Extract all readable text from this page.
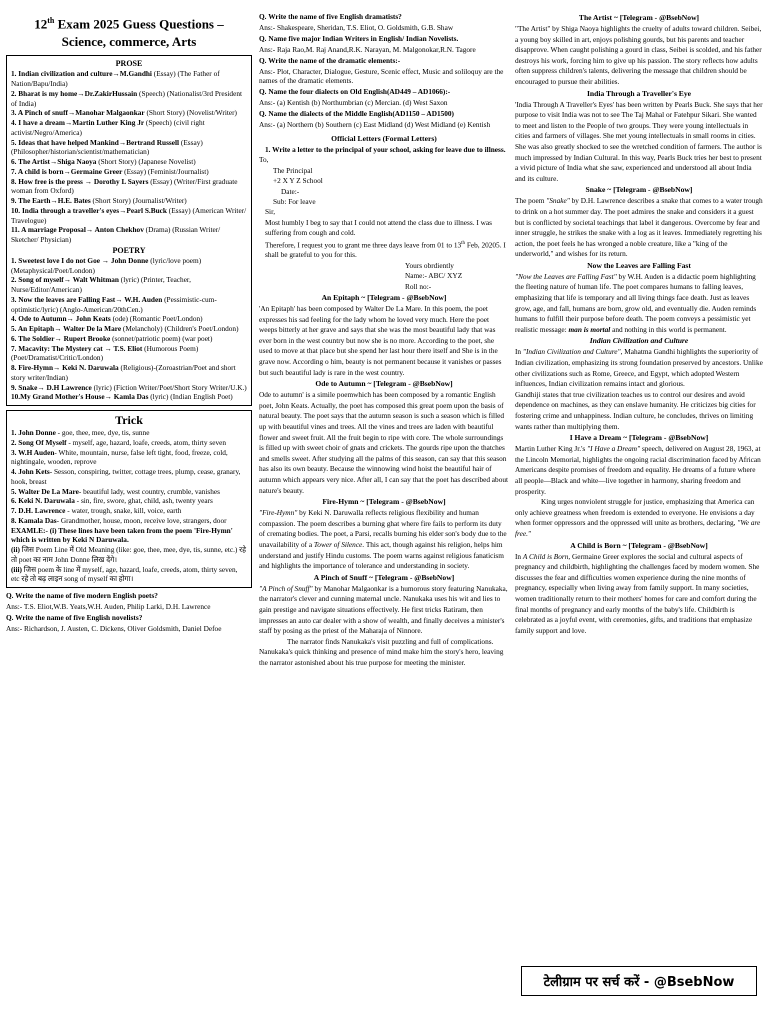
12th Exam 2025 Guess Questions –
Science, commerce, Arts
PROSE

1. Indian civilization and culture→M.Gandhi (Essay) (The Father of Nation/Bapu/India)

2. Bharat is my home→Dr.ZakirHussain (Speech) (Nationalist/3rd President of India)

3. A Pinch of snuff→Manohar Malgaonkar (Short Story) (Novelist/Writer)

4. I have a dream→Martin Luther King Jr (Speech) (civil right activist/Negro/America)

5. Ideas that have helped Mankind→Bertrand Russell (Essay) (Philosopher/historian/scientist/mathematician)

6. The Artist→Shiga Naoya (Short Story) (Japanese Novelist)

7. A child is born→Germaine Greer (Essay) (Feminist/Journalist)

8. How free is the press → Dorothy L Sayers (Essay) (Writer/First graduate woman from Oxford)

9. The Earth→H.E. Bates (Short Story) (Journalist/Writer)

10. India through a traveller's eyes→Pearl S.Buck (Essay) (American Writer/ Travelogue)

11. A marriage Proposal→ Anton Chekhov (Drama) (Russian Writer/ Sketcher/ Physician)

POETRY

1. Sweetest love I do not Goe → John Donne (lyric/love poem) (Metaphysical/Poet/London)

2. Song of myself→ Walt Whitman (lyric) (Printer, Teacher, Nurse/Editor/American)

3. Now the leaves are Falling Fast→ W.H. Auden (Pessimistic-cum-optimistic/lyric) (Anglo-American/20thCen.)

4. Ode to Autumn→ John Keats (ode) (Romantic Poet/London)

5. An Epitaph→ Walter De la Mare (Melancholy) (Children's Poet/London)

6. The Soldier→ Rupert Brooke (sonnet/patriotic poem) (war poet)

7. Macavity: The Mystery cat → T.S. Eliot (Humorous Poem) (Poet/Dramatist/Critic/London)

8. Fire-Hymn→ Keki N. Daruwala (Religious)-(Zoroastrian/Poet and short story writer/Indian)

9. Snake→ D.H Lawrence (lyric) (Fiction Writer/Poet/Short Story Writer/U.K.)

10.My Grand Mother's House→ Kamla Das (lyric) (Indian English Poet)

Trick

1. John Donne - goe, thee, mee, dye, tis, sunne

2. Song Of Myself - myself, age, hazard, loafe, creeds, atom, thirty seven

3. W.H Auden- White, mountain, nurse, false left tight, food, freeze, cold, nightingale, wooden, reprove

4. John Kets- Sesson, conspiring, twitter, cottage trees, plump, cease, granary, hook, breast

5. Walter De La Mare- beautiful lady, west country, crumble, vanishes

6. Keki N. Daruwala - sin, fire, swore, ghat, child, ash, twenty years

7. D.H. Lawrence - water, trough, snake, kill, voice, earth

8. Kamala Das- Grandmother, house, moon, receive love, strangers, door

EXAMLE:- (i) These lines have been taken from the poem 'Fire-Hymn' which is written by Keki N Daruwala.

(ii) जिस Poem Line में Old Meaning (like: goe, thee, mee, dye, tis, sunne, etc.) रहे तो poet का नाम John Donne लिख देंगे।

(iii) जिस poem के line में myself, age, hazard, loafe, creeds, atom, thirty seven, etc रहे तो बढ़ लाइन song of myself का होगा।

Q. Write the name of five modern English poets?

Ans:- T.S. Eliot,W.B. Yeats,W.H. Auden, Philip Larki, D.H. Lawrence

Q. Write the name of five English novelists?

Ans:- Richardson, J. Austen, C. Dickens, Oliver Goldsmith, Daniel Defoe

Q. Write the name of five English dramatists?

Ans:- Shakespeare, Sheridan, T.S. Eliot, O. Goldsmith, G.B. Shaw

Q. Name five major Indian Writers in English/ Indian Novelists.

Ans:- Raja Rao,M. Raj Anand,R.K. Narayan, M. Malgonokar,R.N. Tagore

Q. Write the name of the dramatic elements:-

Ans:- Plot, Character, Dialogue, Gesture, Scenic effect, Music and soliloquy are the names of the dramatic elements.

Q. Name the four dialects on Old English(AD449 – AD1066):-

Ans:- (a) Kentish (b) Northumbrian (c) Mercian. (d) West Saxon

Q. Name the dialects of the Middle English(AD1150 – AD1500)

Ans:- (a) Northern (b) Southern (c) East Midland (d) West Midland (e) Kentish

Official Letters (Formal Letters)

1. Write a letter to the principal of your school, asking for leave due to illness.

To,

The Principal

+2 X Y Z School

Date:-

Sub: For leave

Sir,

Most humbly I beg to say that I could not attend the class due to illness. I was suffering from cough and cold.

Therefore, I request you to grant me three days leave from 01 to 13th Feb, 20205. I shall be grateful to you for this.

Yours obrdiently

Name:- ABC/ XYZ

Roll no:-

An Epitaph ~ [Telegram - @BsebNow]

'An Epitaph' has been composed by Walter De La Mare. In this poem, the poet expresses his sad feeling for the lady whom he loved very much. Here the poet weeps bitterly at her grave and says that she was the most beautiful lady that was ever born in the west country but now she is no more. According to the poet, she used to move at that place but she spend her last hour there itself and She is in the grave now. According o him, beauty is not permanent because it vanishes or passes but such beautiful lady is rare in the west country.

Ode to Autumn ~ [Telegram - @BsebNow]

Ode to autumn' is a simile poemwhich has been composed by a romantic English poet, John Keats. Actually, the poet has composed this great poem upon the basis of natural beauty. The poet says that the autumn season is such a season which is filled up with beautiful vines and trees. All the vines and trees are laden with beautiful flower and sweet fruit. All the fruit begin to ripe with core. The whole surroundings is filled up with sweet choir of gnats and crickets. The gourds ripe upon the thatches and smells sweet. After studying all the palms of this season, can say that this season has also its own beauty. Because the winnowing wind hoist the beautiful hair of autumn which appears very nice. After all, I can say that the poet has described about nature's beauty.

Fire-Hymn ~ [Telegram - @BsebNow]

"Fire-Hymn" by Keki N. Daruwalla reflects religious flexibility and human compassion. The poem describes a burning ghat where fire fails to perform its duty of cremating bodies. The poet, a Parsi, recalls burning his elder son's body due to the unavailability of a Tower of Silence. This act, though against his religion, helps him understand and justify Hindu customs. The poem warns against religious fanaticism and highlights the importance of tolerance and understanding in society.

A Pinch of Snuff ~ [Telegram - @BsebNow]

"A Pinch of Snuff" by Manohar Malgaonkar is a humorous story featuring Nanukaka, the narrator's clever and cunning maternal uncle. Nanukaka uses his wit and lies to gain prestige and navigate situations effectively. He first tricks Ratiram, then impresses an auto car dealer with a show of wealth, and finally deceives a minister's staff by posing as the priest of the Maharaja of Ninnore.

The narrator finds Nanukaka's visit puzzling and full of complications. Nanukaka's quick thinking and presence of mind make him the story's hero, leaving the narrator astonished about his true purpose for meeting the minister.

The Artist ~ [Telegram - @BsebNow]

"The Artist" by Shiga Naoya highlights the cruelty of adults toward children. Seibei, a young boy skilled in art, enjoys polishing gourds, but his parents and teacher disapprove. When caught polishing a gourd in class, Seibei is scolded, and his father destroys his work, forcing him to give up his passion. The story reflects how adults often suppress children's talents, delivering the message that children should be encouraged to pursue their abilities.

India Through a Traveller's Eye

'India Through A Traveller's Eyes' has been written by Pearls Buck. She says that her purpose to visit India was not to see The Taj Mahal or Fatehpur Sikari. She wanted to meet and listen to the People of two groups. They were young intellectuals in cities and farmers of villages. She met young intellectuals in small rooms in cities. She was also greatly shocked to see the wretched condition of farmers. The author is much impressed by Indian Cultural. In this way, Pearls Buck tries her best to present a vivid picture of India what she saw, experienced and understood all about India and its culture.

Snake ~ [Telegram - @BsebNow]

The poem "Snake" by D.H. Lawrence describes a snake that comes to a water trough to drink on a hot summer day. The poet admires the snake and considers it a guest but is conflicted by societal teachings that label it dangerous. Overcome by fear and inner struggle, he strikes the snake with a log as it leaves. Immediately regretting his action, the poet feels he has wronged a noble creature, like a "king of the underworld," and wishes for its return.

Now the Leaves are Falling Fast

"Now the Leaves are Falling Fast" by W.H. Auden is a didactic poem highlighting the fleeting nature of human life. The poet compares humans to falling leaves, emphasizing that life is temporary and all living things face death. Just as leaves grow, age, and fall, humans are born, grow old, and eventually die. Auden reminds humans to fulfill their purpose before death. The poem conveys a pessimistic yet realistic message: man is mortal and nothing in this world is permanent.

Indian Civilization and Culture

In "Indian Civilization and Culture", Mahatma Gandhi highlights the superiority of Indian civilization, emphasizing its strong foundation preserved by ancestors. Unlike other civilizations such as Rome, Greece, and Egypt, which adopted Western influences, Indian civilization remains intact and glorious.

Gandhiji states that true civilization teaches us to control our desires and avoid dependence on machines, as they can enslave humanity. He criticizes big cities for fostering crime and unhappiness. Indian culture, he concludes, thrives on limiting wants rather than multiplying them.

I Have a Dream ~ [Telegram - @BsebNow]

Martin Luther King Jr.'s "I Have a Dream" speech, delivered on August 28, 1963, at the Lincoln Memorial, highlights the ongoing racial discrimination faced by African Americans despite promises of freedom and equality. He dreams of a future where all people—Black and white—live together in harmony, sharing freedom and prosperity.

King urges nonviolent struggle for justice, emphasizing that America can only achieve greatness when freedom is extended to everyone. He envisions a day when former oppressors and the oppressed will unite as brothers, declaring, "We are free."

A Child is Born ~ [Telegram - @BsebNow]

In A Child is Born, Germaine Greer explores the social and cultural aspects of pregnancy and childbirth, highlighting the challenges faced by modern women. She discusses the fear and difficulties women experience during the nine months of pregnancy, especially when living away from family support. In many societies, women traditionally return to their mothers' homes for care and comfort during the final months of pregnancy and early months of the baby's life. Childbirth is celebrated as a joyful event, with ceremonies, gifts, and traditions that emphasize family support and love.

टेलीग्राम पर सर्च करें - @BsebNow
